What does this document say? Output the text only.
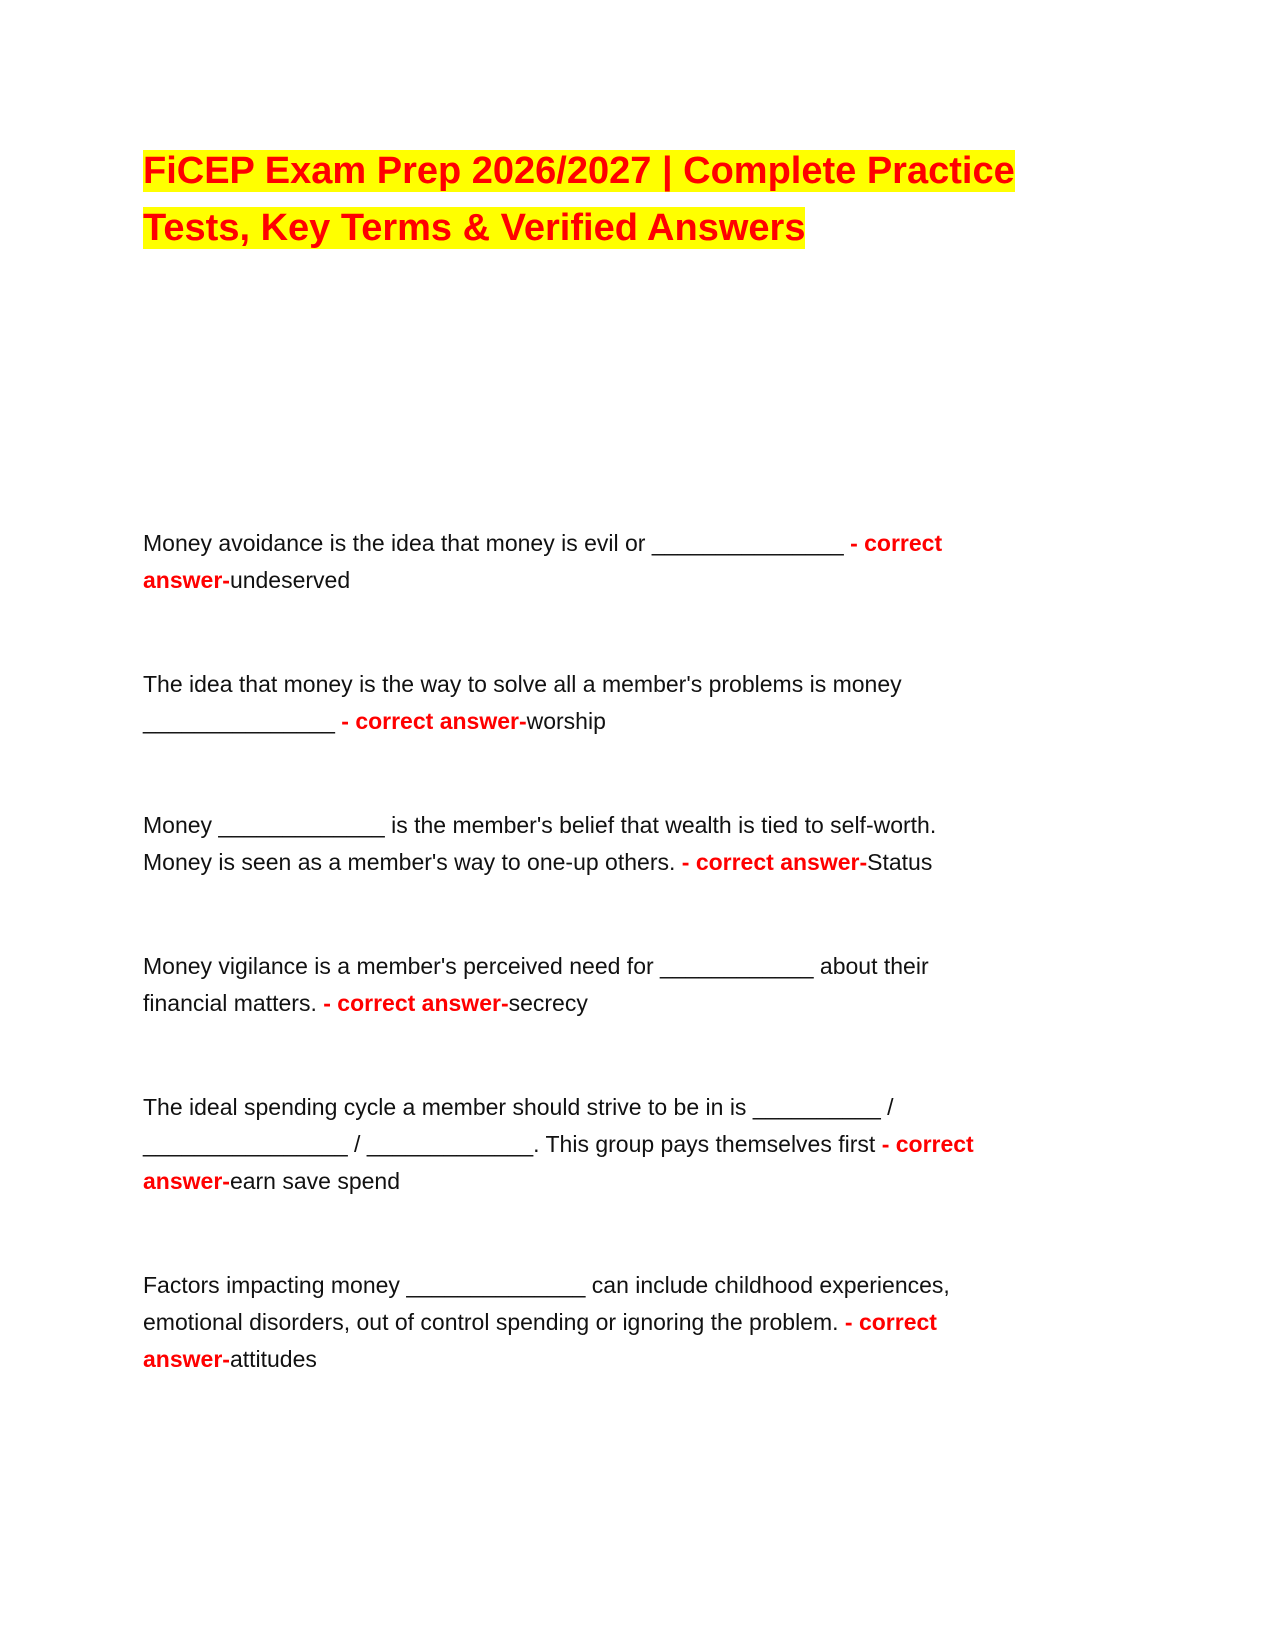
FiCEP Exam Prep 2026/2027 | Complete Practice
Tests, Key Terms & Verified Answers
Money avoidance is the idea that money is evil or _______________ - correct
answer-undeserved
The idea that money is the way to solve all a member's problems is money
_______________ - correct answer-worship
Money _____________ is the member's belief that wealth is tied to self-worth.
Money is seen as a member's way to one-up others. - correct answer-Status
Money vigilance is a member's perceived need for ____________ about their
financial matters. - correct answer-secrecy
The ideal spending cycle a member should strive to be in is __________ /
________________ / _____________. This group pays themselves first - correct
answer-earn save spend
Factors impacting money ______________ can include childhood experiences,
emotional disorders, out of control spending or ignoring the problem. - correct
answer-attitudes
